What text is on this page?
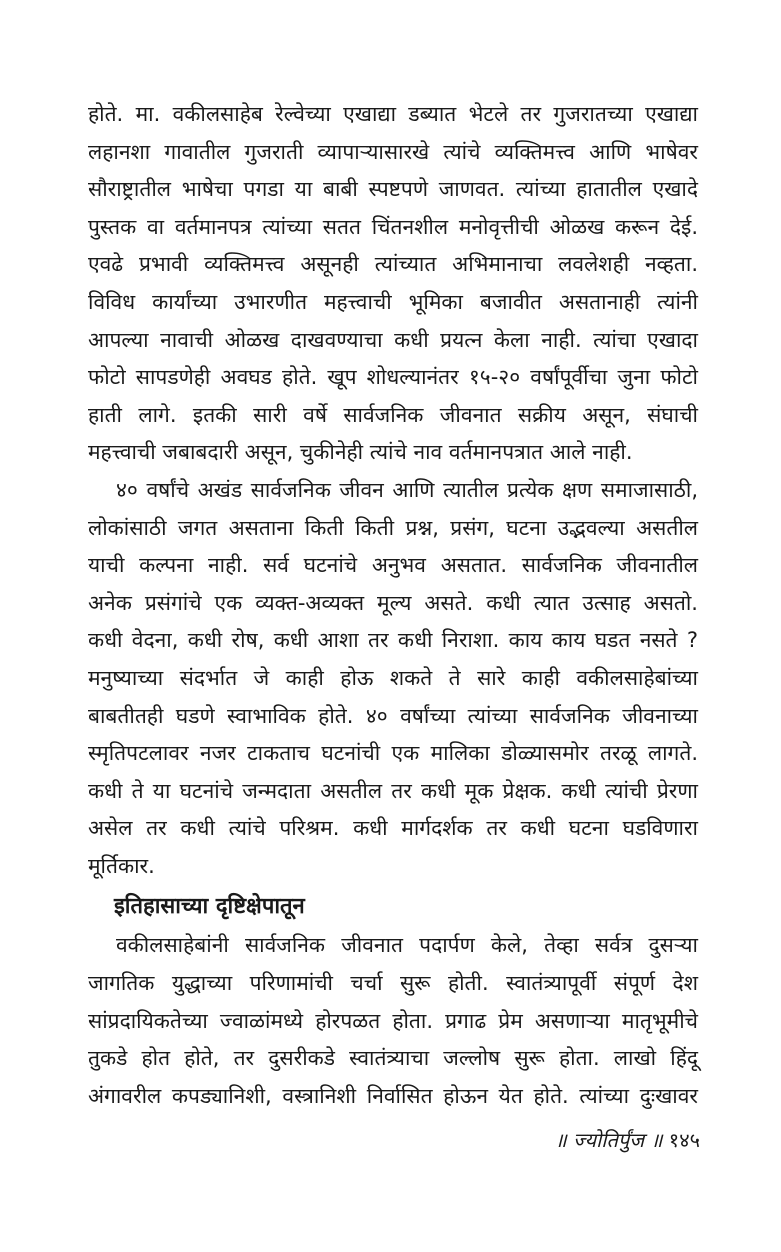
होते. मा. वकीलसाहेब रेल्वेच्या एखाद्या डब्यात भेटले तर गुजरातच्या एखाद्या
लहानशा गावातील गुजराती व्यापाऱ्यासारखे त्यांचे व्यक्तिमत्त्व आणि भाषेवर
सौराष्ट्रातील भाषेचा पगडा या बाबी स्पष्टपणे जाणवत. त्यांच्या हातातील एखादे
पुस्तक वा वर्तमानपत्र त्यांच्या सतत चिंतनशील मनोवृत्तीची ओळख करून देई.
एवढे प्रभावी व्यक्तिमत्त्व असूनही त्यांच्यात अभिमानाचा लवलेशही नव्हता.
विविध कार्यांच्या उभारणीत महत्त्वाची भूमिका बजावीत असतानाही त्यांनी
आपल्या नावाची ओळख दाखवण्याचा कधी प्रयत्न केला नाही. त्यांचा एखादा
फोटो सापडणेही अवघड होते. खूप शोधल्यानंतर १५-२० वर्षांपूर्वीचा जुना फोटो
हाती लागे. इतकी सारी वर्षे सार्वजनिक जीवनात सक्रीय असून, संघाची
महत्त्वाची जबाबदारी असून, चुकीनेही त्यांचे नाव वर्तमानपत्रात आले नाही.
४० वर्षांचे अखंड सार्वजनिक जीवन आणि त्यातील प्रत्येक क्षण समाजासाठी,
लोकांसाठी जगत असताना किती किती प्रश्न, प्रसंग, घटना उद्भवल्या असतील
याची कल्पना नाही. सर्व घटनांचे अनुभव असतात. सार्वजनिक जीवनातील
अनेक प्रसंगांचे एक व्यक्त-अव्यक्त मूल्य असते. कधी त्यात उत्साह असतो.
कधी वेदना, कधी रोष, कधी आशा तर कधी निराशा. काय काय घडत नसते ?
मनुष्याच्या संदर्भात जे काही होऊ शकते ते सारे काही वकीलसाहेबांच्या
बाबतीतही घडणे स्वाभाविक होते. ४० वर्षांच्या त्यांच्या सार्वजनिक जीवनाच्या
स्मृतिपटलावर नजर टाकताच घटनांची एक मालिका डोळ्यासमोर तरळू लागते.
कधी ते या घटनांचे जन्मदाता असतील तर कधी मूक प्रेक्षक. कधी त्यांची प्रेरणा
असेल तर कधी त्यांचे परिश्रम. कधी मार्गदर्शक तर कधी घटना घडविणारा
मूर्तिकार.
इतिहासाच्या दृष्टिक्षेपातून
वकीलसाहेबांनी सार्वजनिक जीवनात पदार्पण केले, तेव्हा सर्वत्र दुसऱ्या
जागतिक युद्धाच्या परिणामांची चर्चा सुरू होती. स्वातंत्र्यापूर्वी संपूर्ण देश
सांप्रदायिकतेच्या ज्वाळांमध्ये होरपळत होता. प्रगाढ प्रेम असणाऱ्या मातृभूमीचे
तुकडे होत होते, तर दुसरीकडे स्वातंत्र्याचा जल्लोष सुरू होता. लाखो हिंदू
अंगावरील कपड्यानिशी, वस्त्रानिशी निर्वासित होऊन येत होते. त्यांच्या दुःखावर
॥ ज्योतिर्पुंज ॥ १४५
